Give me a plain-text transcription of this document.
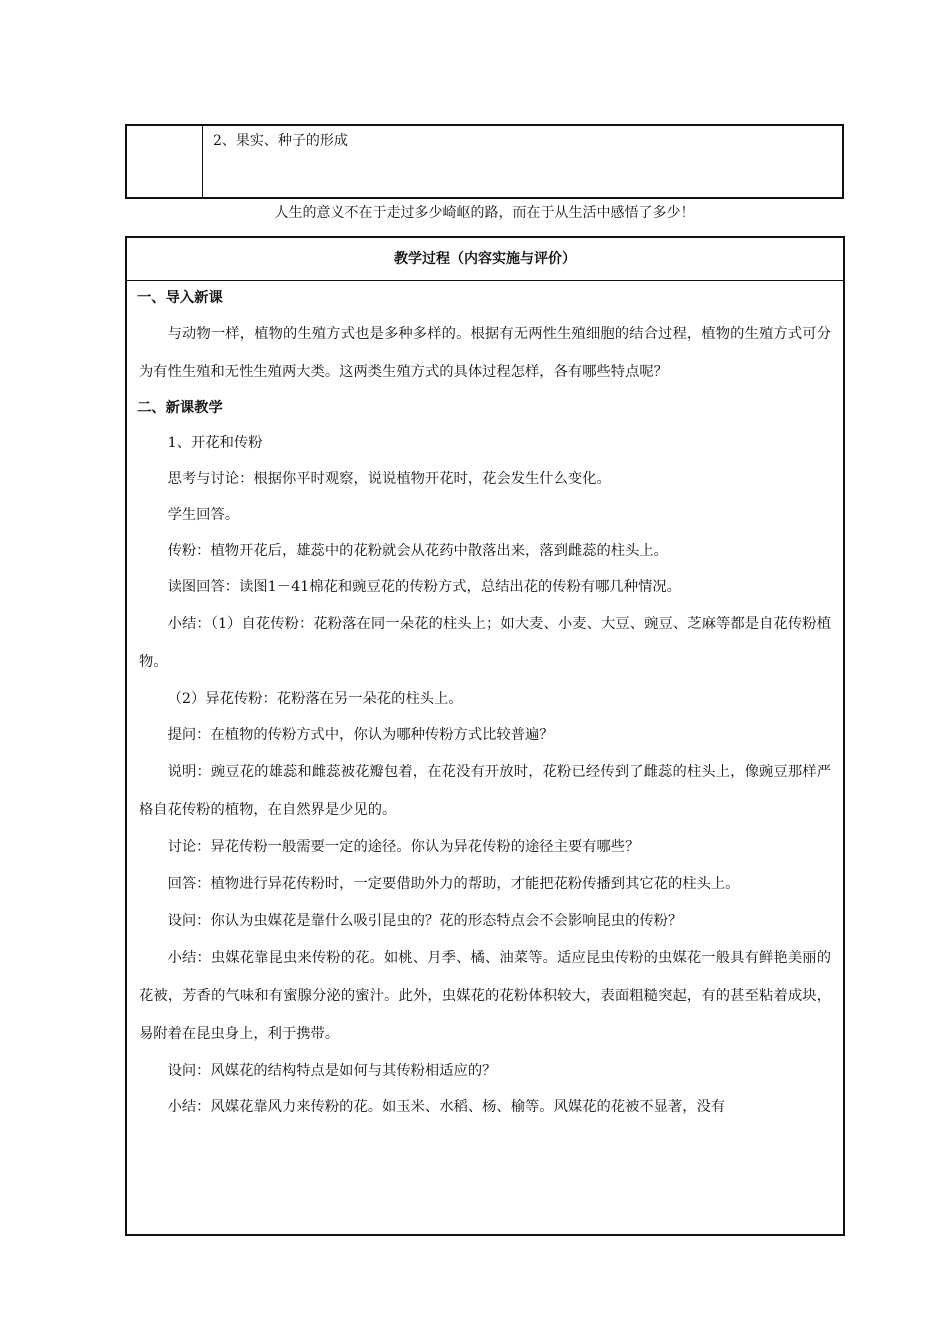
2、果实、种子的形成
人生的意义不在于走过多少崎岖的路，而在于从生活中感悟了多少！
教学过程（内容实施与评价）
一、导入新课
与动物一样，植物的生殖方式也是多种多样的。根据有无两性生殖细胞的结合过程，植物的生殖方式可分为有性生殖和无性生殖两大类。这两类生殖方式的具体过程怎样，各有哪些特点呢？
二、新课教学
1、开花和传粉
思考与讨论：根据你平时观察，说说植物开花时，花会发生什么变化。
学生回答。
传粉：植物开花后，雄蕊中的花粉就会从花药中散落出来，落到雌蕊的柱头上。
读图回答：读图1－41棉花和豌豆花的传粉方式，总结出花的传粉有哪几种情况。
小结：（1）自花传粉：花粉落在同一朵花的柱头上；如大麦、小麦、大豆、豌豆、芝麻等都是自花传粉植物。
（2）异花传粉：花粉落在另一朵花的柱头上。
提问：在植物的传粉方式中，你认为哪种传粉方式比较普遍？
说明：豌豆花的雄蕊和雌蕊被花瓣包着，在花没有开放时，花粉已经传到了雌蕊的柱头上，像豌豆那样严格自花传粉的植物，在自然界是少见的。
讨论：异花传粉一般需要一定的途径。你认为异花传粉的途径主要有哪些？
回答：植物进行异花传粉时，一定要借助外力的帮助，才能把花粉传播到其它花的柱头上。
设问：你认为虫媒花是靠什么吸引昆虫的？花的形态特点会不会影响昆虫的传粉？
小结：虫媒花靠昆虫来传粉的花。如桃、月季、橘、油菜等。适应昆虫传粉的虫媒花一般具有鲜艳美丽的花被，芳香的气味和有蜜腺分泌的蜜汁。此外，虫媒花的花粉体积较大，表面粗糙突起，有的甚至粘着成块，易附着在昆虫身上，利于携带。
设问：风媒花的结构特点是如何与其传粉相适应的？
小结：风媒花靠风力来传粉的花。如玉米、水稻、杨、榆等。风媒花的花被不显著，没有
